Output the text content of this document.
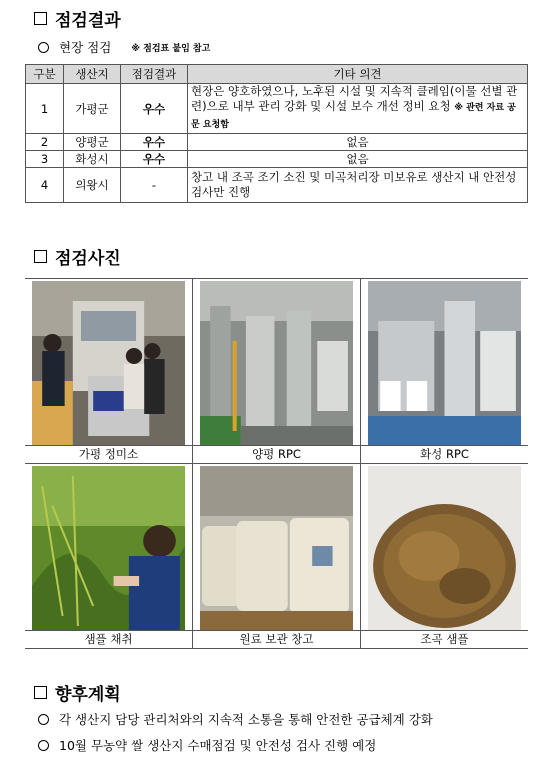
점검결과
현장 점검 ※ 점검표 붙임 참고
구분	생산지	점검결과	기타 의견
1	가평군	우수	현장은 양호하였으나, 노후된 시설 및 지속적 클레임(이물 선별 관련)으로 내부 관리 강화 및 시설 보수 개선 정비 요청 ※ 관련 자료 공문 요청함
2	양평군	우수	없음
3	화성시	우수	없음
4	의왕시	-	창고 내 조곡 조기 소진 및 미곡처리장 미보유로 생산지 내 안전성 검사만 진행
점검사진
가평 정미소	양평 RPC	화성 RPC
샘플 채취	원료 보관 창고	조곡 샘플
향후계획
각 생산지 담당 관리처와의 지속적 소통을 통해 안전한 공급체계 강화
10월 무농약 쌀 생산지 수매점검 및 안전성 검사 진행 예정
